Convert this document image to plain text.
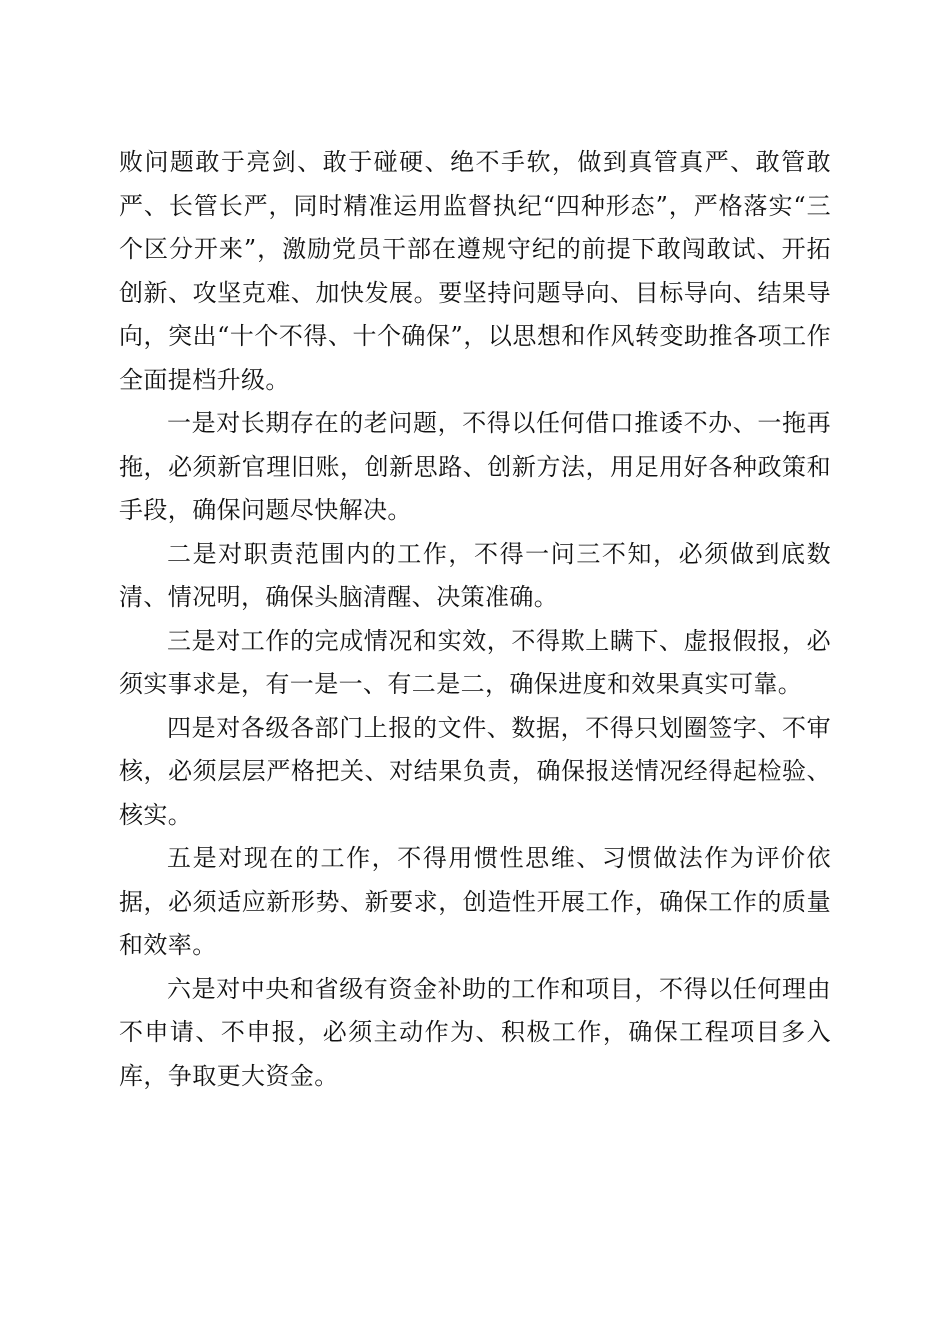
败问题敢于亮剑、敢于碰硬、绝不手软，做到真管真严、敢管敢严、长管长严，同时精准运用监督执纪“四种形态”，严格落实“三个区分开来”，激励党员干部在遵规守纪的前提下敢闯敢试、开拓创新、攻坚克难、加快发展。要坚持问题导向、目标导向、结果导向，突出“十个不得、十个确保”，以思想和作风转变助推各项工作全面提档升级。

一是对长期存在的老问题，不得以任何借口推诿不办、一拖再拖，必须新官理旧账，创新思路、创新方法，用足用好各种政策和手段，确保问题尽快解决。

二是对职责范围内的工作，不得一问三不知，必须做到底数清、情况明，确保头脑清醒、决策准确。

三是对工作的完成情况和实效，不得欺上瞒下、虚报假报，必须实事求是，有一是一、有二是二，确保进度和效果真实可靠。

四是对各级各部门上报的文件、数据，不得只划圈签字、不审核，必须层层严格把关、对结果负责，确保报送情况经得起检验、核实。

五是对现在的工作，不得用惯性思维、习惯做法作为评价依据，必须适应新形势、新要求，创造性开展工作，确保工作的质量和效率。

六是对中央和省级有资金补助的工作和项目，不得以任何理由不申请、不申报，必须主动作为、积极工作，确保工程项目多入库，争取更大资金。
